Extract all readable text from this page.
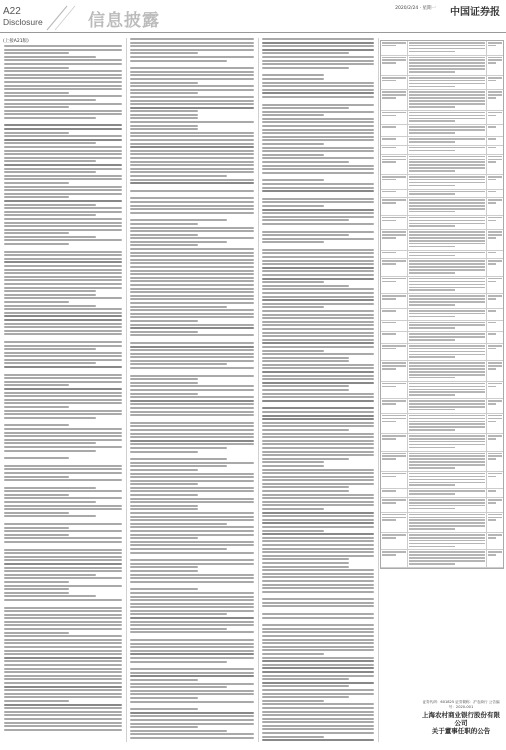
A22
Disclosure	信息披露
2020/2/24 · 星期一 中国证券报
(上接A21版)
证券代码：601825 证券简称：沪农商行 公告编号：2020-001
上海农村商业银行股份有限公司
关于董事任职的公告
